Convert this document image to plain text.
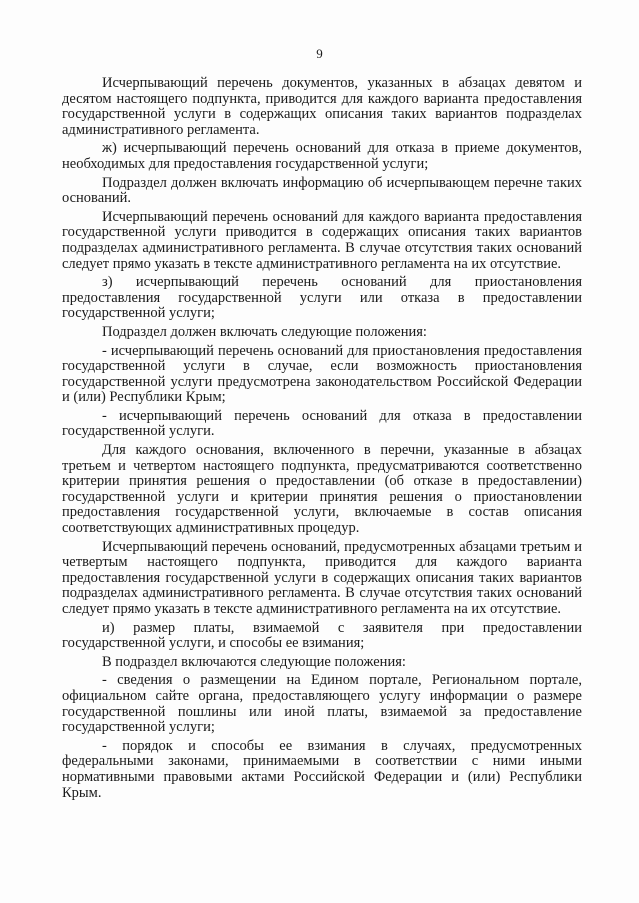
9

Исчерпывающий перечень документов, указанных в абзацах девятом и десятом настоящего подпункта, приводится для каждого варианта предоставления государственной услуги в содержащих описания таких вариантов подразделах административного регламента.

ж) исчерпывающий перечень оснований для отказа в приеме документов, необходимых для предоставления государственной услуги;

Подраздел должен включать информацию об исчерпывающем перечне таких оснований.

Исчерпывающий перечень оснований для каждого варианта предоставления государственной услуги приводится в содержащих описания таких вариантов подразделах административного регламента. В случае отсутствия таких оснований следует прямо указать в тексте административного регламента на их отсутствие.

з) исчерпывающий перечень оснований для приостановления предоставления государственной услуги или отказа в предоставлении государственной услуги;

Подраздел должен включать следующие положения:

- исчерпывающий перечень оснований для приостановления предоставления государственной услуги в случае, если возможность приостановления государственной услуги предусмотрена законодательством Российской Федерации и (или) Республики Крым;

- исчерпывающий перечень оснований для отказа в предоставлении государственной услуги.

Для каждого основания, включенного в перечни, указанные в абзацах третьем и четвертом настоящего подпункта, предусматриваются соответственно критерии принятия решения о предоставлении (об отказе в предоставлении) государственной услуги и критерии принятия решения о приостановлении предоставления государственной услуги, включаемые в состав описания соответствующих административных процедур.

Исчерпывающий перечень оснований, предусмотренных абзацами третьим и четвертым настоящего подпункта, приводится для каждого варианта предоставления государственной услуги в содержащих описания таких вариантов подразделах административного регламента. В случае отсутствия таких оснований следует прямо указать в тексте административного регламента на их отсутствие.

и) размер платы, взимаемой с заявителя при предоставлении государственной услуги, и способы ее взимания;

В подраздел включаются следующие положения:

- сведения о размещении на Едином портале, Региональном портале, официальном сайте органа, предоставляющего услугу информации о размере государственной пошлины или иной платы, взимаемой за предоставление государственной услуги;

- порядок и способы ее взимания в случаях, предусмотренных федеральными законами, принимаемыми в соответствии с ними иными нормативными правовыми актами Российской Федерации и (или) Республики Крым.
